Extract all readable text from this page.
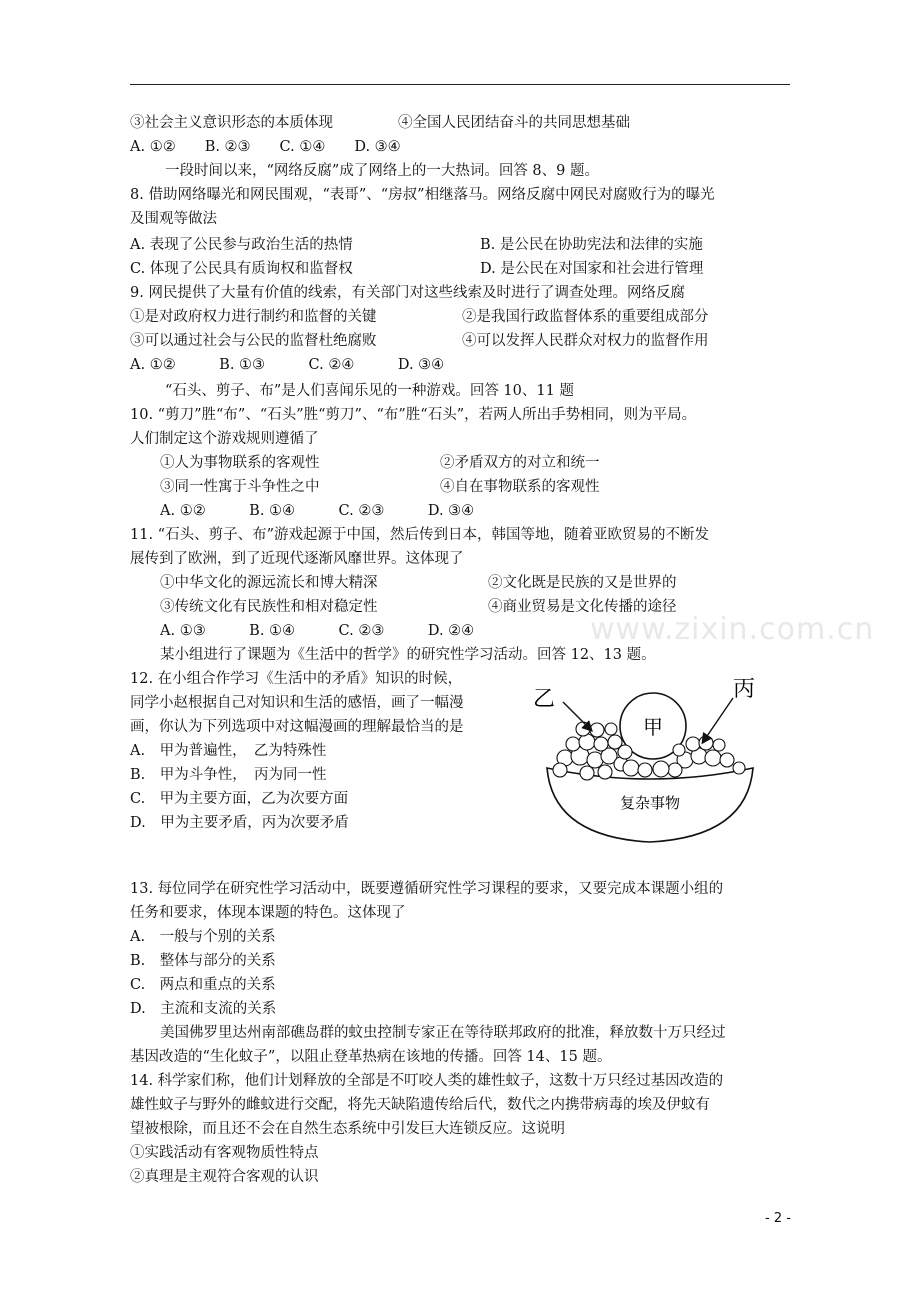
www.zixin.com.cn
③社会主义意识形态的本质体现	④全国人民团结奋斗的共同思想基础
A. ①②　　B. ②③　　C. ①④　　D. ③④
一段时间以来，“网络反腐”成了网络上的一大热词。回答 8、9 题。
8. 借助网络曝光和网民围观，“表哥”、“房叔”相继落马。网络反腐中网民对腐败行为的曝光
及围观等做法
A. 表现了公民参与政治生活的热情	B. 是公民在协助宪法和法律的实施
C. 体现了公民具有质询权和监督权	D. 是公民在对国家和社会进行管理
9. 网民提供了大量有价值的线索，有关部门对这些线索及时进行了调查处理。网络反腐
①是对政府权力进行制约和监督的关键	②是我国行政监督体系的重要组成部分
③可以通过社会与公民的监督杜绝腐败	④可以发挥人民群众对权力的监督作用
A. ①②　　　B. ①③　　　C. ②④　　　D. ③④
“石头、剪子、布”是人们喜闻乐见的一种游戏。回答 10、11 题
10. “剪刀”胜“布”、“石头”胜“剪刀”、“布”胜“石头”，若两人所出手势相同，则为平局。
人们制定这个游戏规则遵循了
①人为事物联系的客观性	②矛盾双方的对立和统一
③同一性寓于斗争性之中	④自在事物联系的客观性
A. ①②　　　B. ①④　　　C. ②③　　　D. ③④
11. “石头、剪子、布”游戏起源于中国，然后传到日本，韩国等地，随着亚欧贸易的不断发
展传到了欧洲，到了近现代逐渐风靡世界。这体现了
①中华文化的源远流长和博大精深	②文化既是民族的又是世界的
③传统文化有民族性和相对稳定性	④商业贸易是文化传播的途径
A. ①③　　　B. ①④　　　C. ②③　　　D. ②④
某小组进行了课题为《生活中的哲学》的研究性学习活动。回答 12、13 题。
12. 在小组合作学习《生活中的矛盾》知识的时候，
同学小赵根据自己对知识和生活的感悟，画了一幅漫
画，你认为下列选项中对这幅漫画的理解最恰当的是
A.　甲为普遍性，　乙为特殊性
B.　甲为斗争性，　丙为同一性
C.　甲为主要方面，乙为次要方面
D.　甲为主要矛盾，丙为次要矛盾
复杂事物
甲
乙	丙
13. 每位同学在研究性学习活动中，既要遵循研究性学习课程的要求，又要完成本课题小组的
任务和要求，体现本课题的特色。这体现了
A.　一般与个别的关系
B.　整体与部分的关系
C.　两点和重点的关系
D.　主流和支流的关系
美国佛罗里达州南部礁岛群的蚊虫控制专家正在等待联邦政府的批准，释放数十万只经过
基因改造的“生化蚊子”，以阻止登革热病在该地的传播。回答 14、15 题。
14. 科学家们称，他们计划释放的全部是不叮咬人类的雄性蚊子，这数十万只经过基因改造的
雄性蚊子与野外的雌蚊进行交配，将先天缺陷遗传给后代，数代之内携带病毒的埃及伊蚊有
望被根除，而且还不会在自然生态系统中引发巨大连锁反应。这说明
①实践活动有客观物质性特点
②真理是主观符合客观的认识
- 2 -
